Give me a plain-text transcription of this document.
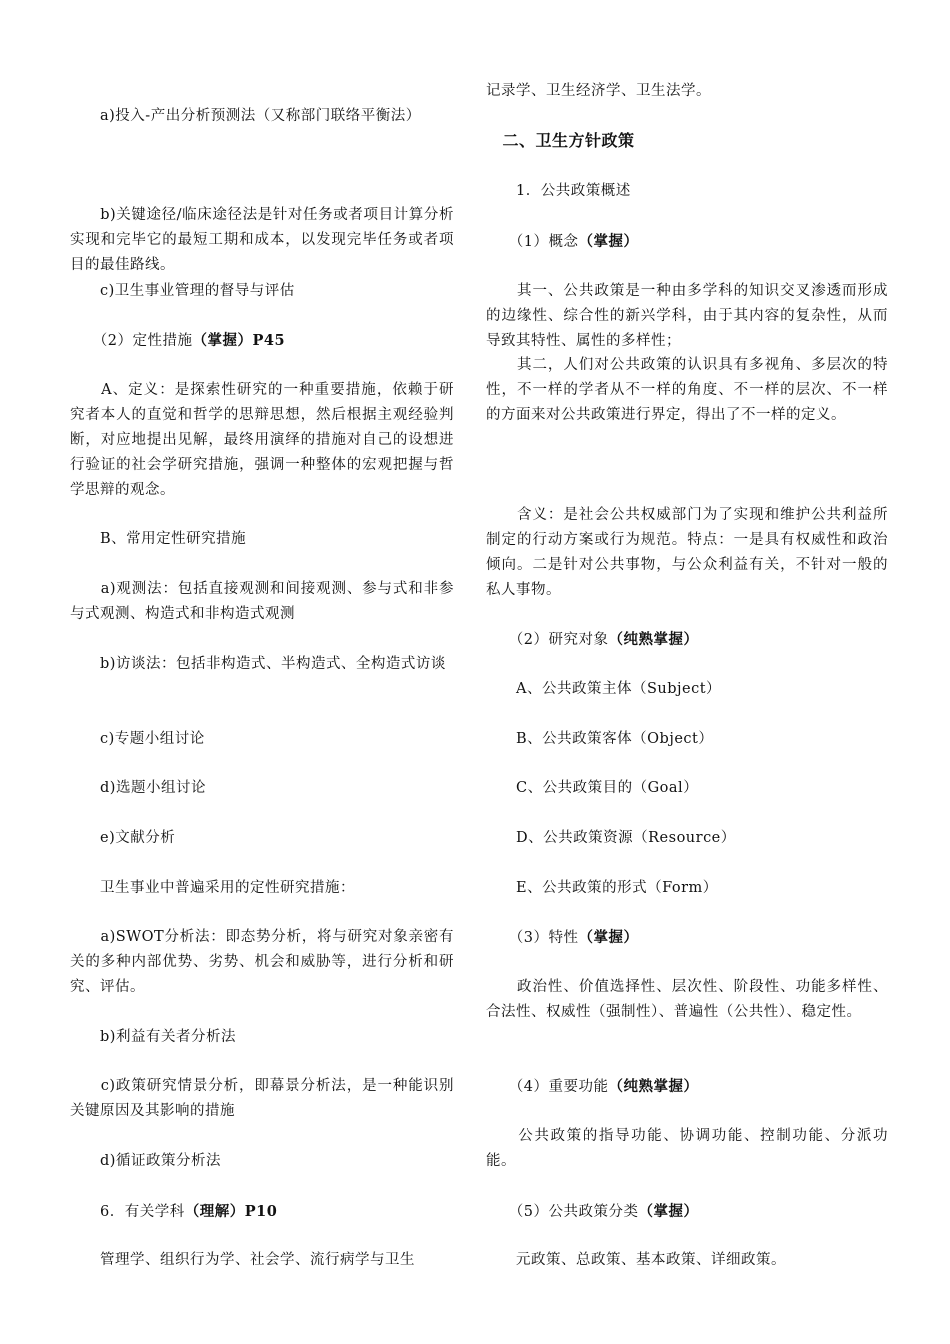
　　a)投入-产出分析预测法（又称部门联络平衡法）
　　b)关键途径/临床途径法是针对任务或者项目计算分析实现和完毕它的最短工期和成本，以发现完毕任务或者项目的最佳路线。
　　c)卫生事业管理的督导与评估
　　（2）定性措施（掌握）P45
　　A、定义：是探索性研究的一种重要措施，依赖于研究者本人的直觉和哲学的思辩思想，然后根据主观经验判断，对应地提出见解，最终用演绎的措施对自己的设想进行验证的社会学研究措施，强调一种整体的宏观把握与哲学思辩的观念。
　　B、常用定性研究措施
　　a)观测法：包括直接观测和间接观测、参与式和非参与式观测、构造式和非构造式观测
　　b)访谈法：包括非构造式、半构造式、全构造式访谈
　　c)专题小组讨论
　　d)选题小组讨论
　　e)文献分析
　　卫生事业中普遍采用的定性研究措施：
　　a)SWOT分析法：即态势分析，将与研究对象亲密有关的多种内部优势、劣势、机会和威胁等，进行分析和研究、评估。
　　b)利益有关者分析法
　　c)政策研究情景分析，即幕景分析法，是一种能识别关键原因及其影响的措施
　　d)循证政策分析法
　　6．有关学科（理解）P10
　　管理学、组织行为学、社会学、流行病学与卫生
记录学、卫生经济学、卫生法学。
　二、卫生方针政策
　　1．公共政策概述
　　（1）概念（掌握）
　　其一、公共政策是一种由多学科的知识交叉渗透而形成的边缘性、综合性的新兴学科，由于其内容的复杂性，从而导致其特性、属性的多样性；
　　其二，人们对公共政策的认识具有多视角、多层次的特性，不一样的学者从不一样的角度、不一样的层次、不一样的方面来对公共政策进行界定，得出了不一样的定义。
　　含义：是社会公共权威部门为了实现和维护公共利益所制定的行动方案或行为规范。特点：一是具有权威性和政治倾向。二是针对公共事物，与公众利益有关，不针对一般的私人事物。
　　（2）研究对象（纯熟掌握）
　　A、公共政策主体（Subject）
　　B、公共政策客体（Object）
　　C、公共政策目的（Goal）
　　D、公共政策资源（Resource）
　　E、公共政策的形式（Form）
　　（3）特性（掌握）
　　政治性、价值选择性、层次性、阶段性、功能多样性、合法性、权威性（强制性）、普遍性（公共性）、稳定性。
　　（4）重要功能（纯熟掌握）
　　公共政策的指导功能、协调功能、控制功能、分派功能。
　　（5）公共政策分类（掌握）
　　元政策、总政策、基本政策、详细政策。
